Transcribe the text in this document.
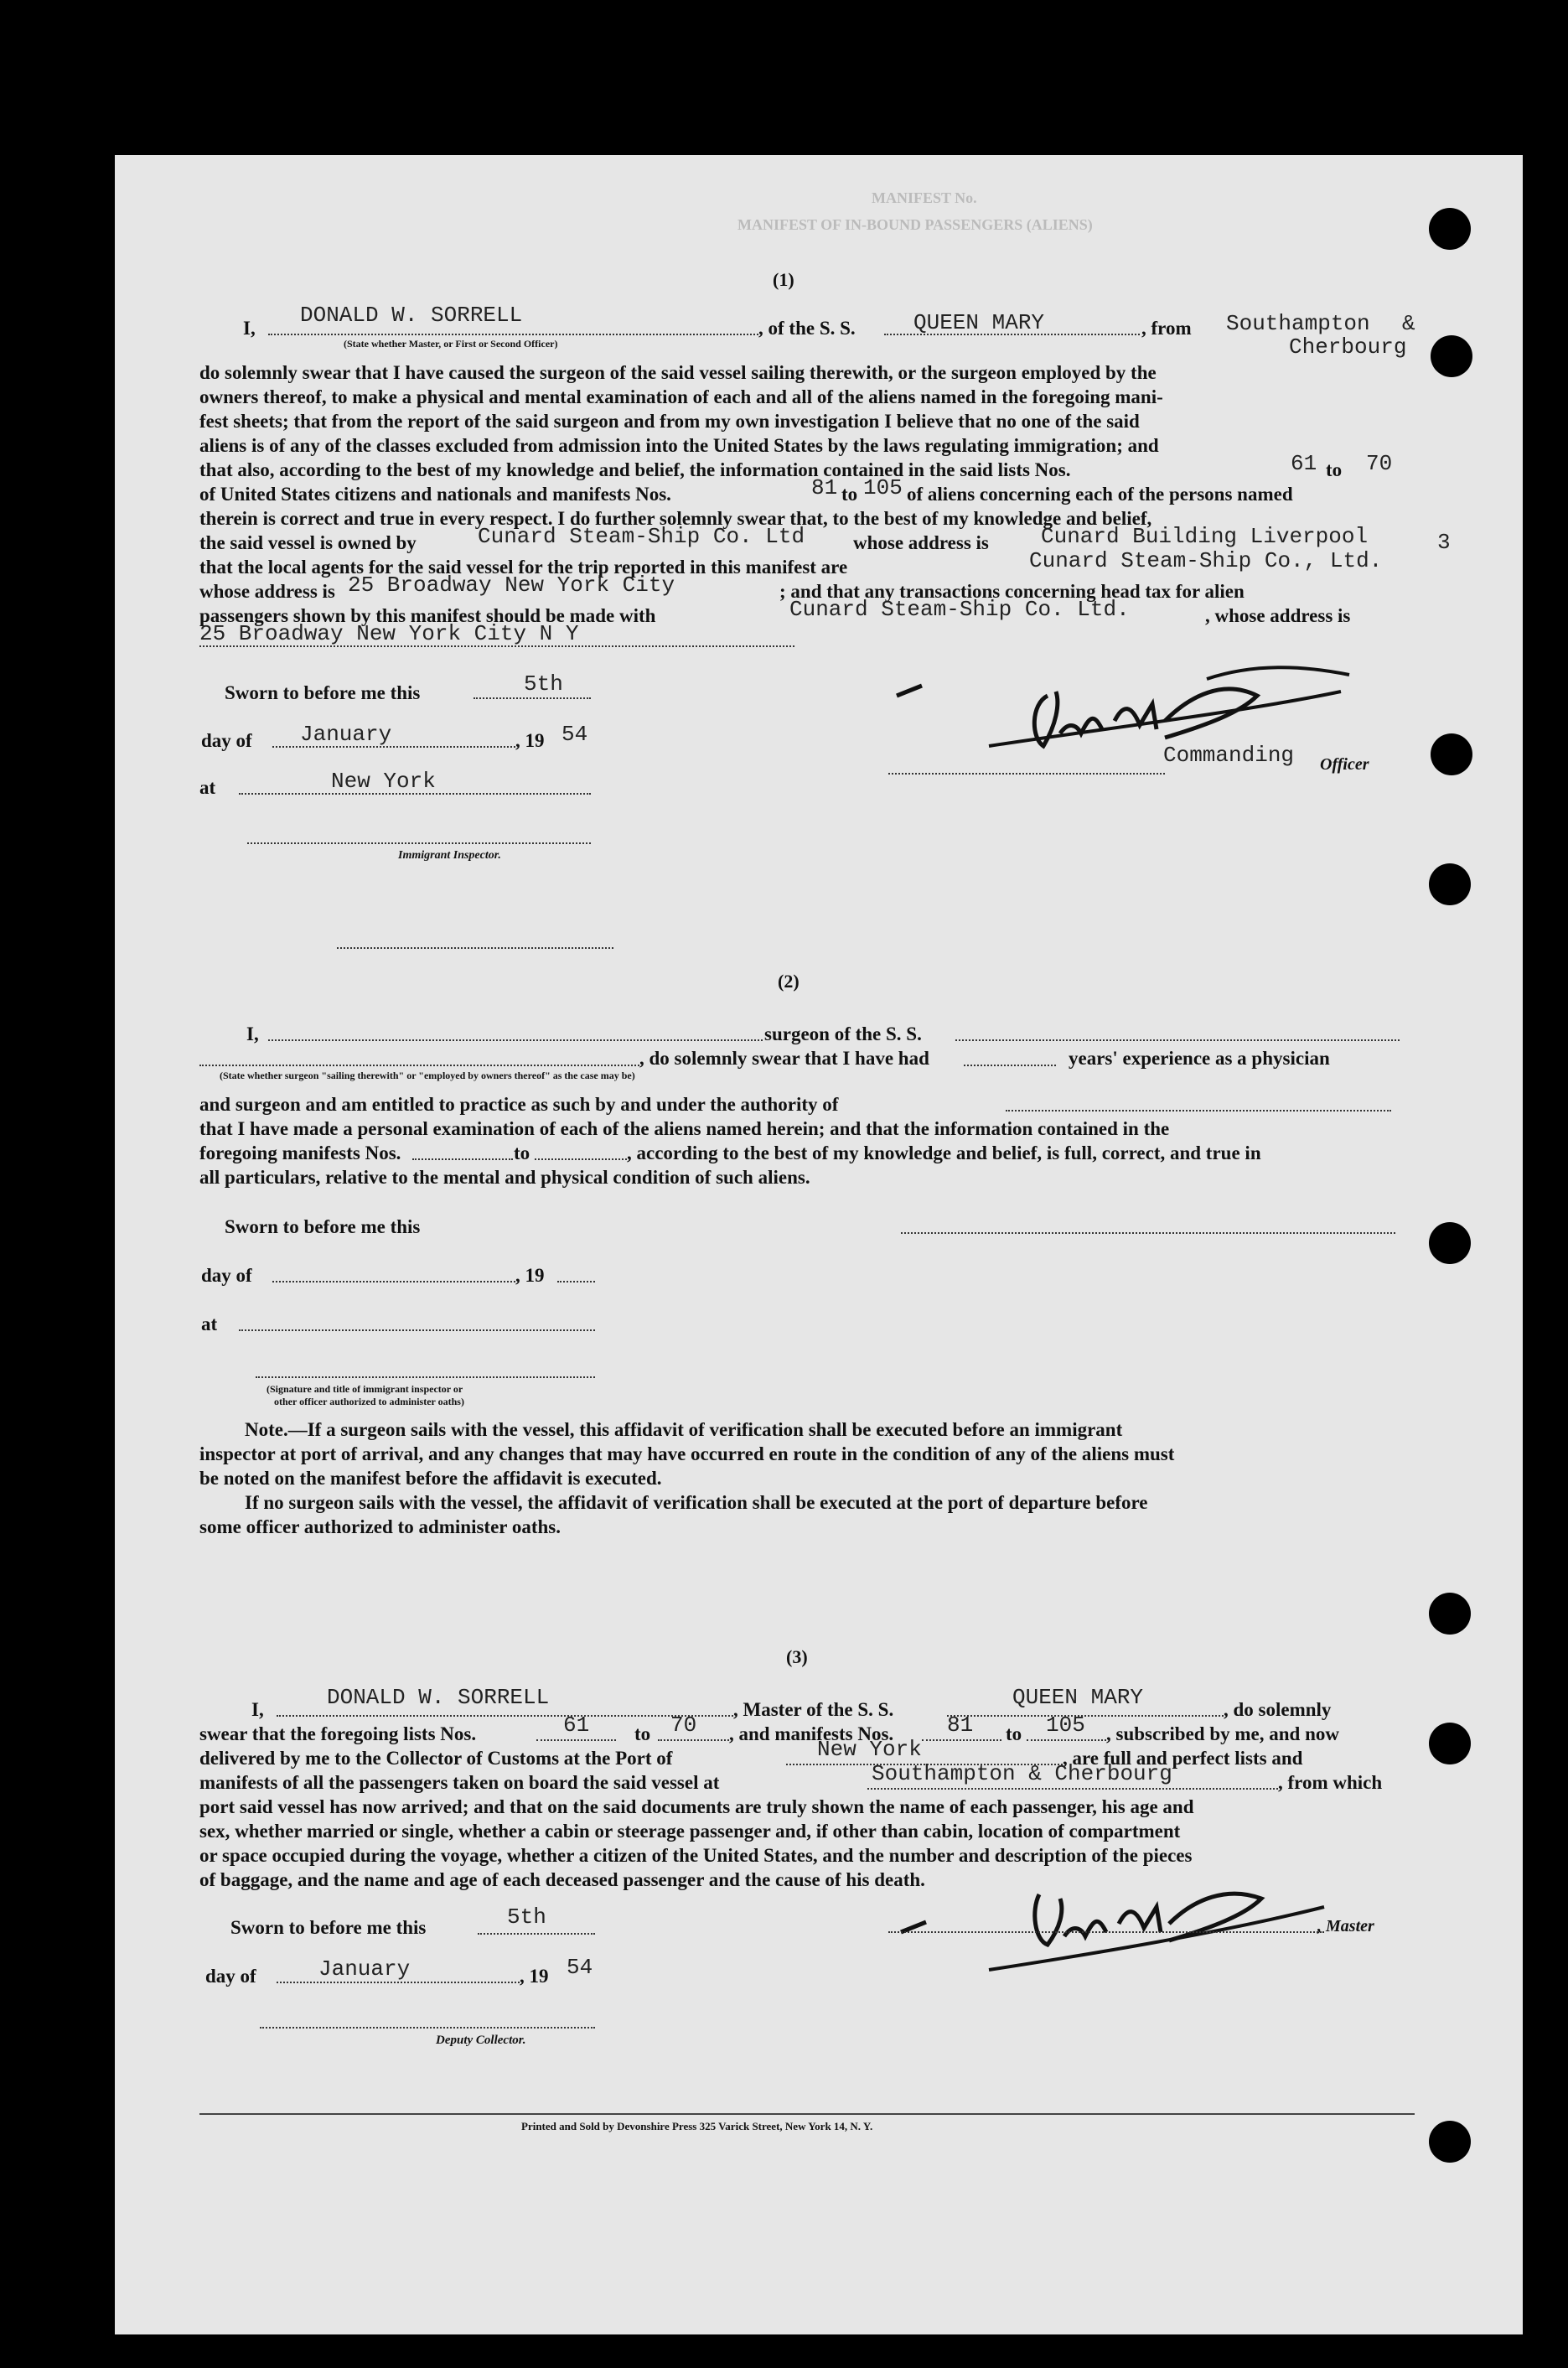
MANIFEST OF IN-BOUND PASSENGERS (ALIENS)
MANIFEST No.
(1)
I,
DONALD W. SORRELL
, of the S. S.	QUEEN MARY	, from Southampton &
Cherbourg
(State whether Master, or First or Second Officer)
do solemnly swear that I have caused the surgeon of the said vessel sailing therewith, or the surgeon employed by the
owners thereof, to make a physical and mental examination of each and all of the aliens named in the foregoing mani-
fest sheets; that from the report of the said surgeon and from my own investigation I believe that no one of the said
aliens is of any of the classes excluded from admission into the United States by the laws regulating immigration; and
that also, according to the best of my knowledge and belief, the information contained in the said lists Nos.	61 to 70
of United States citizens and nationals and manifests Nos.	81 to 105 of aliens concerning each of the persons named
therein is correct and true in every respect. I do further solemnly swear that, to the best of my knowledge and belief,
the said vessel is owned by	Cunard Steam-Ship Co. Ltd	whose address is Cunard Building Liverpool	3
that the local agents for the said vessel for the trip reported in this manifest are	Cunard Steam-Ship Co., Ltd.
whose address is 25 Broadway New York City	; and that any transactions concerning head tax for alien
passengers shown by this manifest should be made with	Cunard Steam-Ship Co. Ltd.	, whose address is
25 Broadway New York City N Y
Sworn to before me this	5th
day of January	, 19 54
at	New York
Immigrant Inspector.
Commanding Officer
(2)
I,	surgeon of the S. S.
, do solemnly swear that I have had	years' experience as a physician
(State whether surgeon "sailing therewith" or "employed by owners thereof" as the case may be)
and surgeon and am entitled to practice as such by and under the authority of
that I have made a personal examination of each of the aliens named herein; and that the information contained in the
foregoing manifests Nos.	to	, according to the best of my knowledge and belief, is full, correct, and true in
all particulars, relative to the mental and physical condition of such aliens.
Sworn to before me this
day of	, 19
at
(Signature and title of immigrant inspector or
other officer authorized to administer oaths)
Note.—If a surgeon sails with the vessel, this affidavit of verification shall be executed before an immigrant
inspector at port of arrival, and any changes that may have occurred en route in the condition of any of the aliens must
be noted on the manifest before the affidavit is executed.
If no surgeon sails with the vessel, the affidavit of verification shall be executed at the port of departure before
some officer authorized to administer oaths.
(3)
I,	DONALD W. SORRELL	, Master of the S. S.	QUEEN MARY	, do solemnly
swear that the foregoing lists Nos.	61 to 70 , and manifests Nos. 81 to 105 , subscribed by me, and now
delivered by me to the Collector of Customs at the Port of	New York	, are full and perfect lists and
manifests of all the passengers taken on board the said vessel at	Southampton & Cherbourg	, from which
port said vessel has now arrived; and that on the said documents are truly shown the name of each passenger, his age and
sex, whether married or single, whether a cabin or steerage passenger and, if other than cabin, location of compartment
or space occupied during the voyage, whether a citizen of the United States, and the number and description of the pieces
of baggage, and the name and age of each deceased passenger and the cause of his death.
, Master
Sworn to before me this	5th
day of	January	, 19 54
Deputy Collector.
Printed and Sold by Devonshire Press 325 Varick Street, New York 14, N. Y.
